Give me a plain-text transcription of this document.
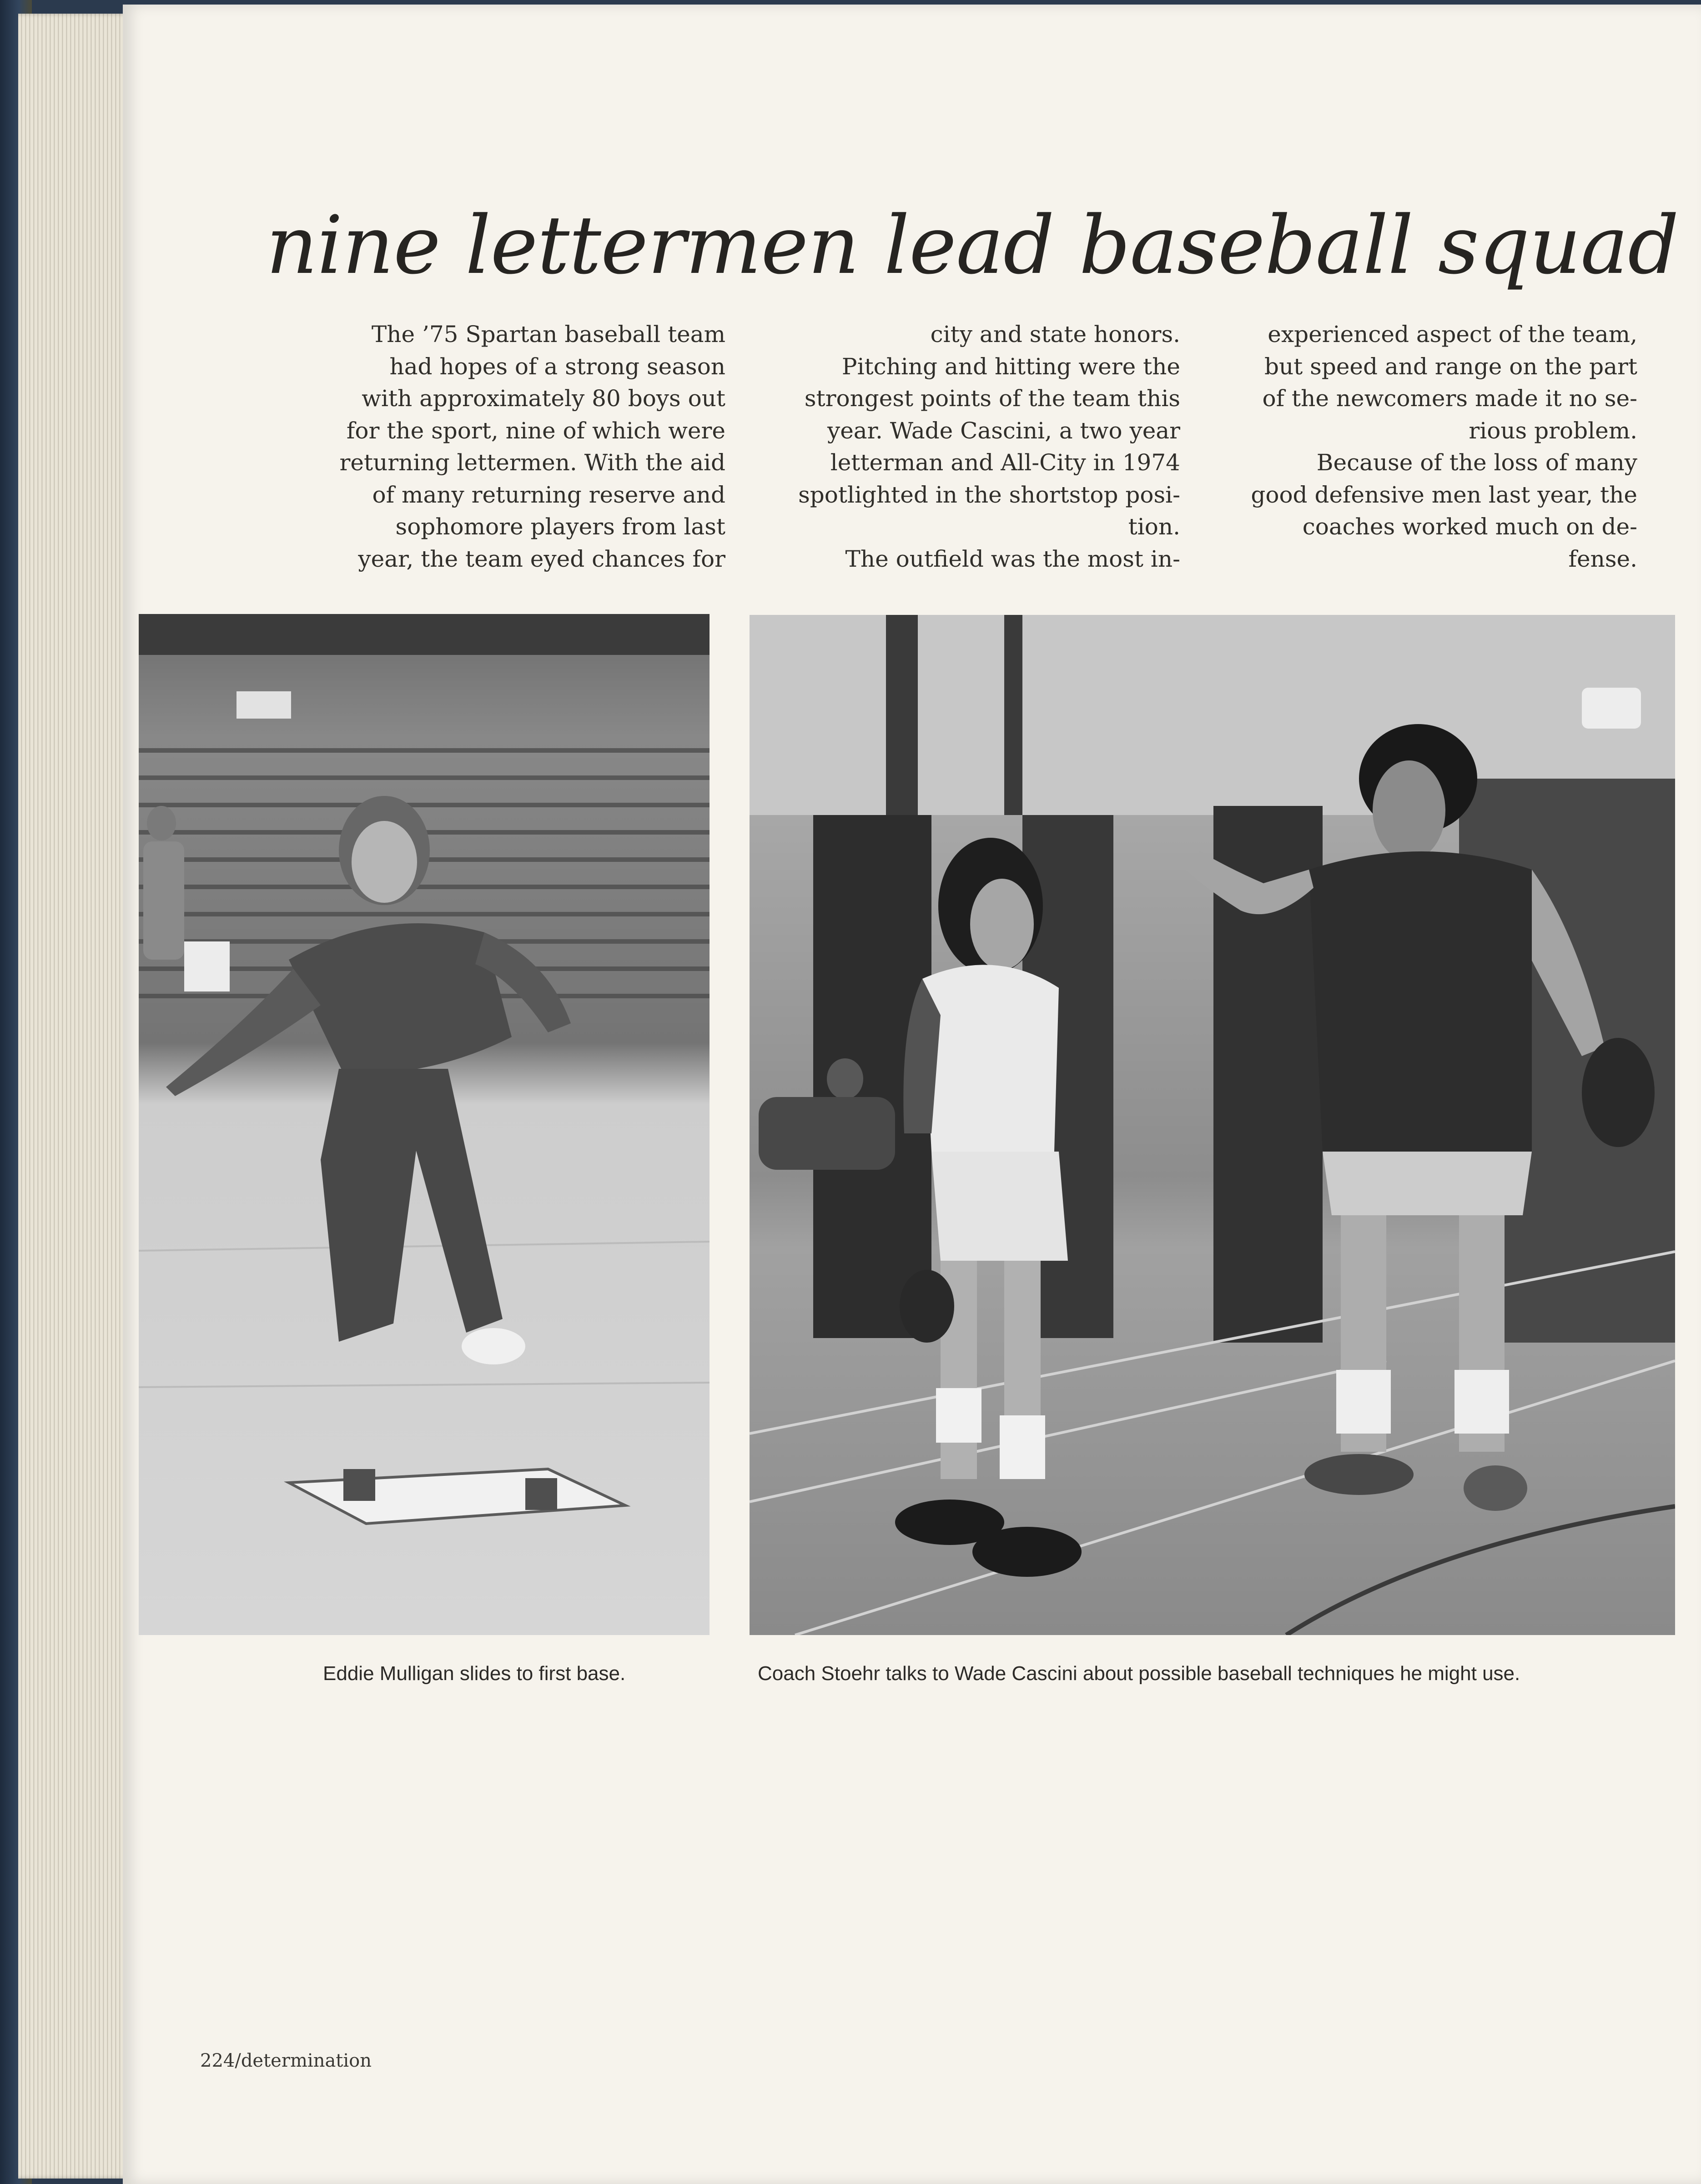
nine lettermen lead baseball squad

The ’75 Spartan baseball team
had hopes of a strong season
with approximately 80 boys out
for the sport, nine of which were
returning lettermen. With the aid
of many returning reserve and
sophomore players from last
year, the team eyed chances for

city and state honors.
Pitching and hitting were the
strongest points of the team this
year. Wade Cascini, a two year
letterman and All-City in 1974
spotlighted in the shortstop posi-
tion.
The outfield was the most in-

experienced aspect of the team,
but speed and range on the part
of the newcomers made it no se-
rious problem.
Because of the loss of many
good defensive men last year, the
coaches worked much on de-
fense.

Eddie Mulligan slides to first base.	Coach Stoehr talks to Wade Cascini about possible baseball techniques he might use.

224/determination
